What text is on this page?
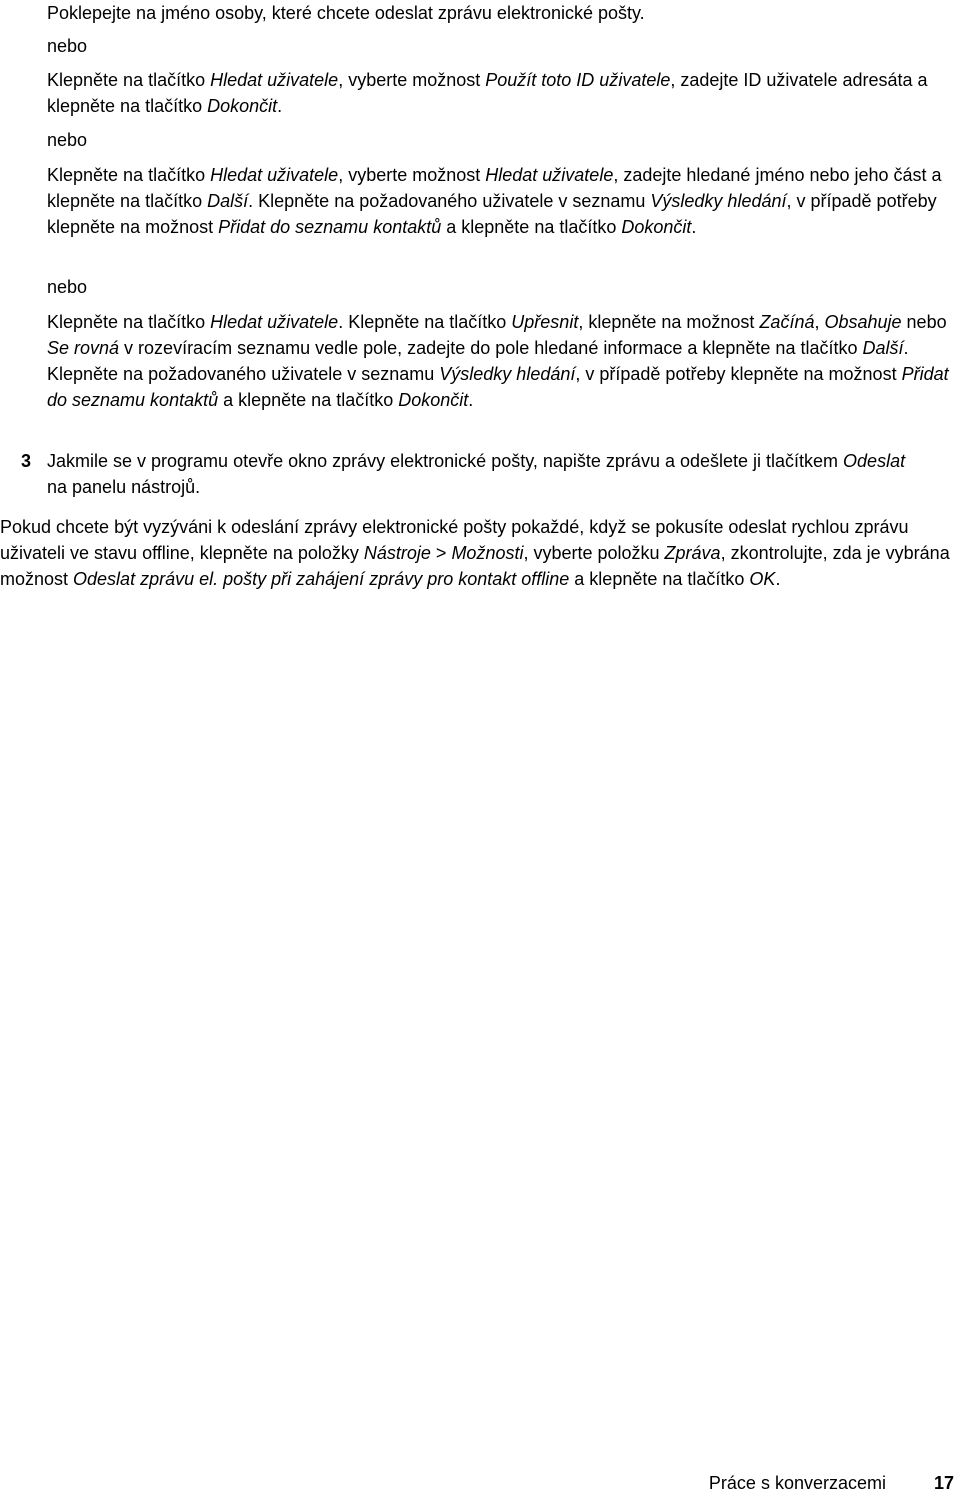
Poklepejte na jméno osoby, které chcete odeslat zprávu elektronické pošty.

nebo

Klepněte na tlačítko Hledat uživatele, vyberte možnost Použít toto ID uživatele, zadejte ID uživatele adresáta a klepněte na tlačítko Dokončit.

nebo

Klepněte na tlačítko Hledat uživatele, vyberte možnost Hledat uživatele, zadejte hledané jméno nebo jeho část a klepněte na tlačítko Další. Klepněte na požadovaného uživatele v seznamu Výsledky hledání, v případě potřeby klepněte na možnost Přidat do seznamu kontaktů a klepněte na tlačítko Dokončit.

nebo

Klepněte na tlačítko Hledat uživatele. Klepněte na tlačítko Upřesnit, klepněte na možnost Začíná, Obsahuje nebo Se rovná v rozevíracím seznamu vedle pole, zadejte do pole hledané informace a klepněte na tlačítko Další. Klepněte na požadovaného uživatele v seznamu Výsledky hledání, v případě potřeby klepněte na možnost Přidat do seznamu kontaktů a klepněte na tlačítko Dokončit.

3 Jakmile se v programu otevře okno zprávy elektronické pošty, napište zprávu a odešlete ji tlačítkem Odeslat na panelu nástrojů.

Pokud chcete být vyzýváni k odeslání zprávy elektronické pošty pokaždé, když se pokusíte odeslat rychlou zprávu uživateli ve stavu offline, klepněte na položky Nástroje > Možnosti, vyberte položku Zpráva, zkontrolujte, zda je vybrána možnost Odeslat zprávu el. pošty při zahájení zprávy pro kontakt offline a klepněte na tlačítko OK.

Práce s konverzacemi	17
